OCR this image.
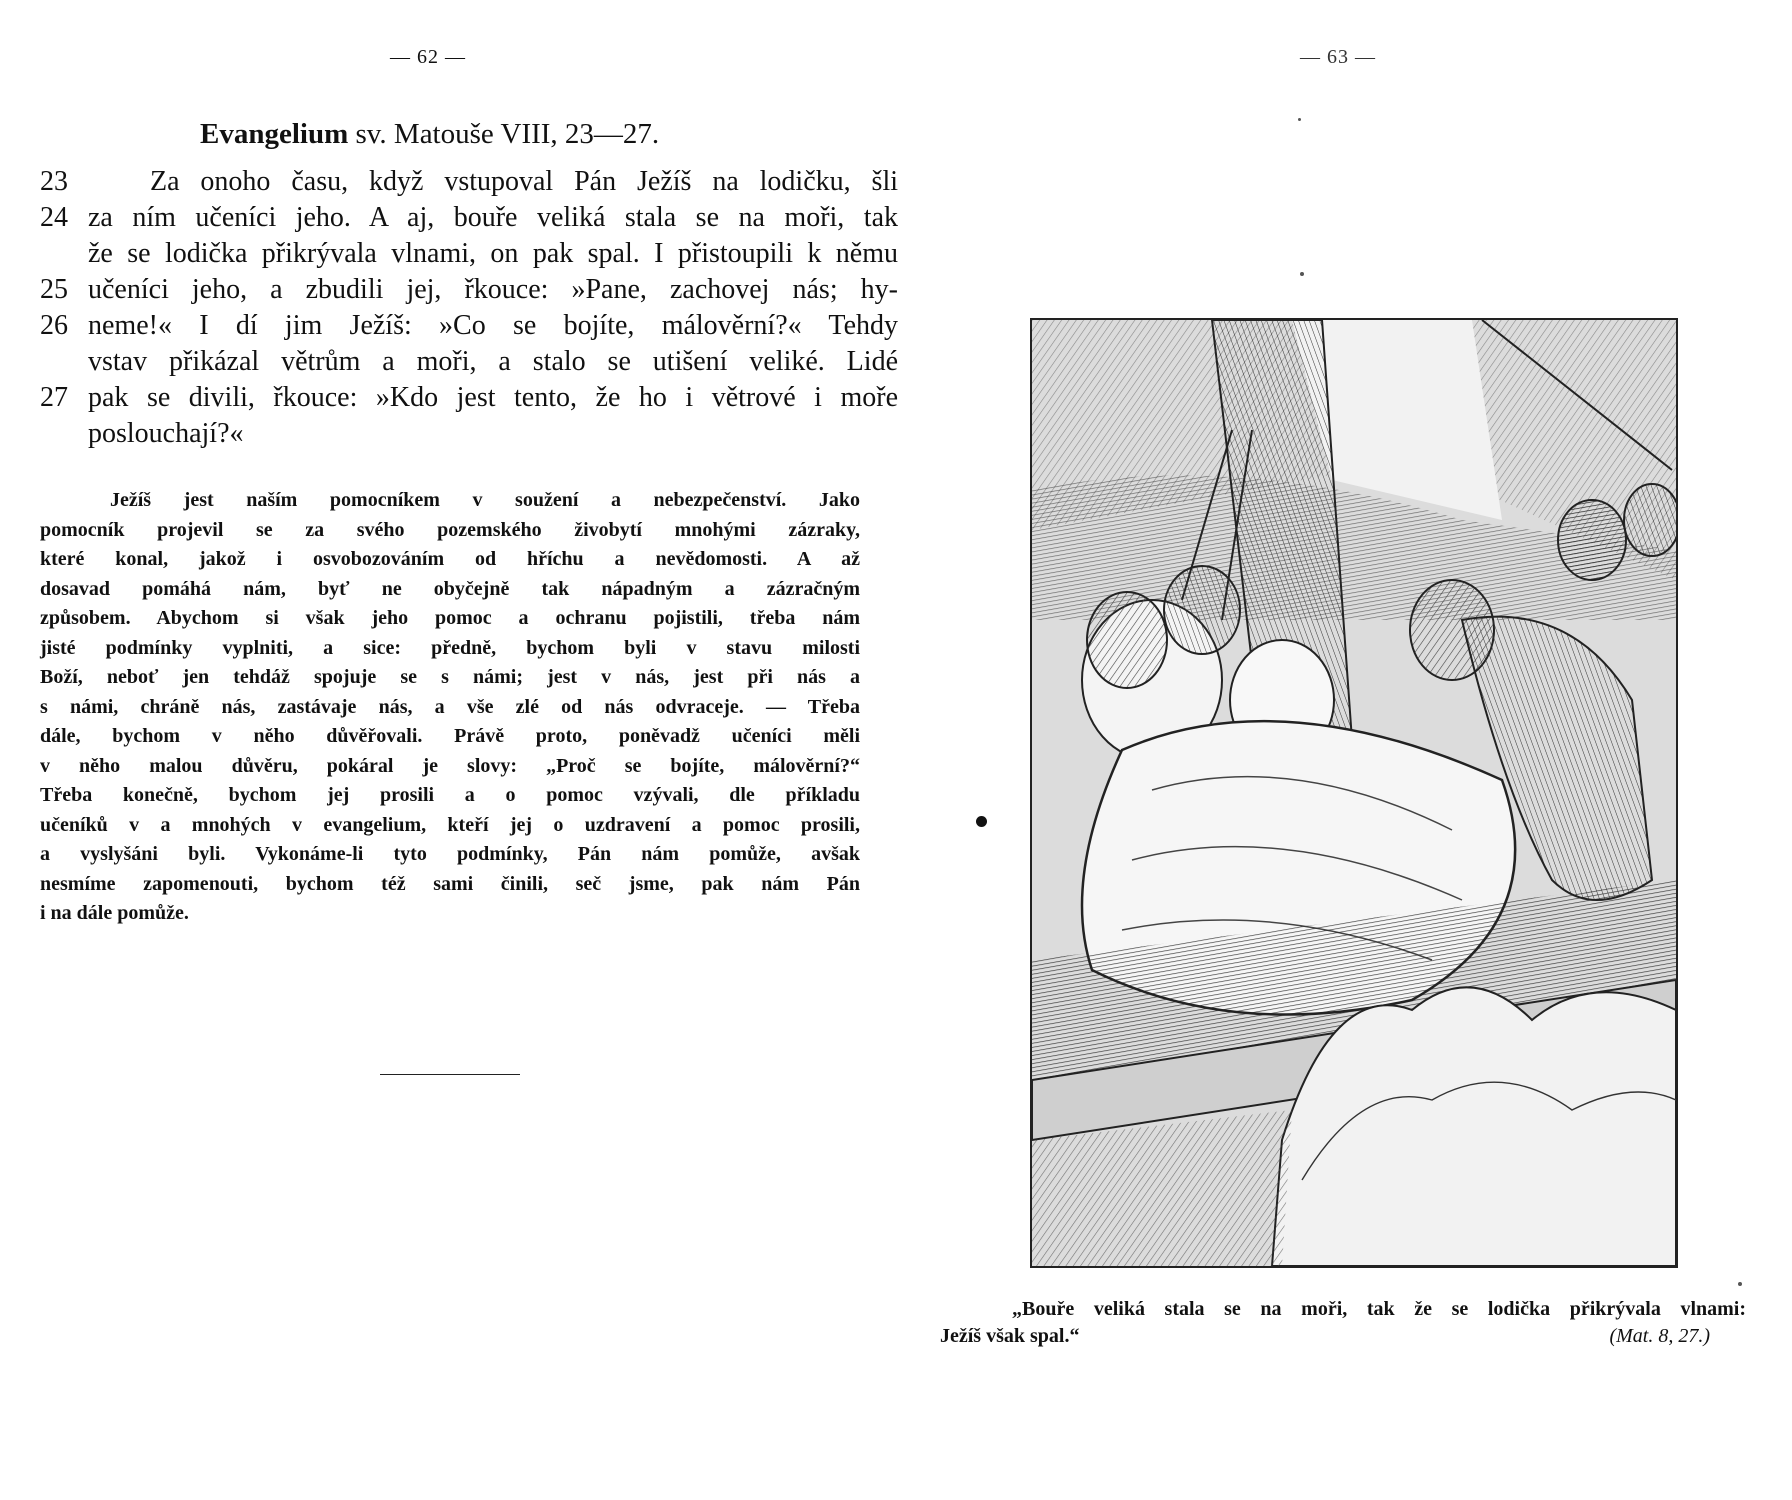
— 62 —
Evangelium sv. Matouše VIII, 23—27.
23	Za onoho času, když vstupoval Pán Ježíš na lodičku, šli
24 za ním učeníci jeho. A aj, bouře veliká stala se na moři, tak
že se lodička přikrývala vlnami, on pak spal. I přistoupili k němu
25 učeníci jeho, a zbudili jej, řkouce: »Pane, zachovej nás; hy-
26 neme!« I dí jim Ježíš: »Co se bojíte, málověrní?« Tehdy
vstav přikázal větrům a moři, a stalo se utišení veliké. Lidé
27 pak se divili, řkouce: »Kdo jest tento, že ho i větrové i moře
poslouchají?«
Ježíš jest naším pomocníkem v soužení a nebezpečenství. Jako
pomocník projevil se za svého pozemského živobytí mnohými zázraky,
které konal, jakož i osvobozováním od hříchu a nevědomosti. A až
dosavad pomáhá nám, byť ne obyčejně tak nápadným a zázračným
způsobem. Abychom si však jeho pomoc a ochranu pojistili, třeba nám
jisté podmínky vyplniti, a sice: předně, bychom byli v stavu milosti
Boží, neboť jen tehdáž spojuje se s námi; jest v nás, jest při nás a
s námi, chráně nás, zastávaje nás, a vše zlé od nás odvraceje. — Třeba
dále, bychom v něho důvěřovali. Právě proto, poněvadž učeníci měli
v něho malou důvěru, pokáral je slovy: „Proč se bojíte, málověrní?“
Třeba konečně, bychom jej prosili a o pomoc vzývali, dle příkladu
učeníků v a mnohých v evangelium, kteří jej o uzdravení a pomoc prosili,
a vyslyšáni byli. Vykonáme-li tyto podmínky, Pán nám pomůže, avšak
nesmíme zapomenouti, bychom též sami činili, seč jsme, pak nám Pán
i na dále pomůže.
— 63 —
„Bouře veliká stala se na moři, tak že se lodička přikrývala vlnami:
Ježíš však spal.“	(Mat. 8, 27.)
